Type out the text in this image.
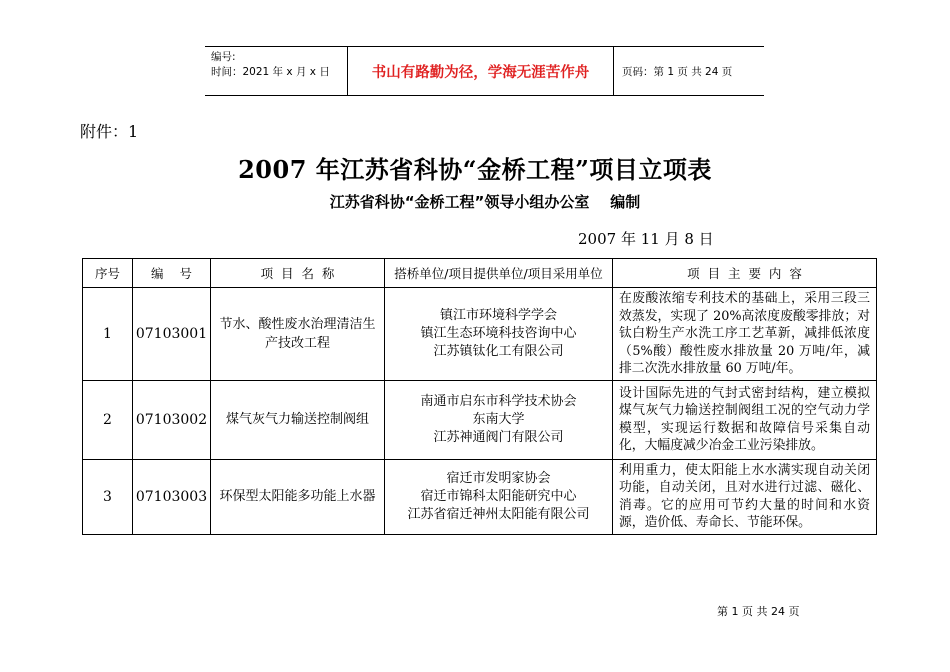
编号:
时间：2021 年 x 月 x 日	书山有路勤为径，学海无涯苦作舟	页码：第 1 页 共 24 页
附件：1
2007 年江苏省科协“金桥工程”项目立项表
江苏省科协“金桥工程”领导小组办公室    编制
2007 年 11 月 8 日
序号	编    号	项  目  名  称	搭桥单位/项目提供单位/项目采用单位	项  目  主  要  内  容
1	07103001	节水、酸性废水治理清洁生产技改工程	镇江市环境科学学会
镇江生态环境科技咨询中心
江苏镇钛化工有限公司	在废酸浓缩专利技术的基础上，采用三段三效蒸发，实现了 20%高浓度废酸零排放；对钛白粉生产水洗工序工艺革新，减排低浓度（5%酸）酸性废水排放量 20 万吨/年，减排二次洗水排放量 60 万吨/年。
2	07103002	煤气灰气力输送控制阀组	南通市启东市科学技术协会
东南大学
江苏神通阀门有限公司	设计国际先进的气封式密封结构，建立模拟煤气灰气力输送控制阀组工况的空气动力学模型，实现运行数据和故障信号采集自动化，大幅度减少冶金工业污染排放。
3	07103003	环保型太阳能多功能上水器	宿迁市发明家协会
宿迁市锦科太阳能研究中心
江苏省宿迁神州太阳能有限公司	利用重力，使太阳能上水水满实现自动关闭功能，自动关闭，且对水进行过滤、磁化、消毒。它的应用可节约大量的时间和水资源，造价低、寿命长、节能环保。
第 1 页 共 24 页
